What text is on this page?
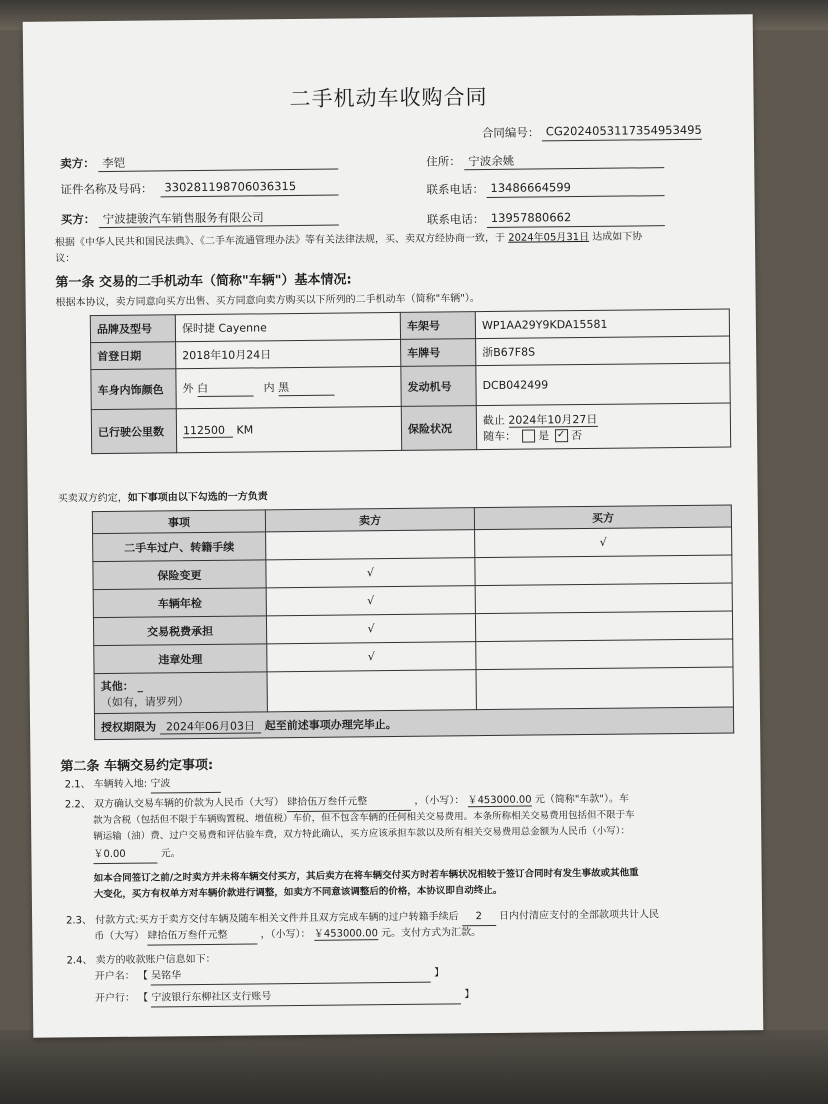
二手机动车收购合同
合同编号： CG2024053117354953495
卖方： 李铠	住所： 宁波余姚
证件名称及号码： 330281198706036315	联系电话： 13486664599
买方： 宁波捷骏汽车销售服务有限公司	联系电话： 13957880662
根据《中华人民共和国民法典》、《二手车流通管理办法》等有关法律法规，买、卖双方经协商一致，于 2024年05月31日 达成如下协
议：
第一条 交易的二手机动车（简称"车辆"）基本情况:
根据本协议，卖方同意向买方出售、买方同意向卖方购买以下所列的二手机动车（简称"车辆"）。
品牌及型号	保时捷 Cayenne	车架号	WP1AA29Y9KDA15581
首登日期	2018年10月24日	车牌号	浙B67F8S
车身内饰颜色	外 白 内 黑	发动机号	DCB042499
已行驶公里数	112500 KM	保险状况	截止 2024年10月27日
随车： 是 ✓ 否
买卖双方约定，如下事项由以下勾选的一方负责
事项	卖方	买方
二手车过户、转籍手续		√
保险变更	√	
车辆年检	√	
交易税费承担	√	
违章处理	√	

其他： _
（如有，请罗列）		

授权期限为 2024年06月03日 起至前述事项办理完毕止。		
第二条 车辆交易约定事项:
2.1、 车辆转入地: 宁波
2.2、 双方确认交易车辆的价款为人民币（大写） 肆拾伍万叁仟元整	，（小写）： ￥453000.00 元（简称"车款"）。车
款为含税（包括但不限于车辆购置税、增值税）车价，但不包含车辆的任何相关交易费用。本条所称相关交易费用包括但不限于车
辆运输（油）费、过户交易费和评估验车费，双方特此确认，买方应该承担车款以及所有相关交易费用总金额为人民币（小写）：
￥0.00	元。
如本合同签订之前/之时卖方并未将车辆交付买方，其后卖方在将车辆交付买方时若车辆状况相较于签订合同时有发生事故或其他重
大变化，买方有权单方对车辆价款进行调整，如卖方不同意该调整后的价格，本协议即自动终止。
2.3、 付款方式:买方于卖方交付车辆及随车相关文件并且双方完成车辆的过户转籍手续后 2 日内付清应支付的全部款项共计人民
币（大写） 肆拾伍万叁仟元整	，（小写）： ￥453000.00 元。支付方式为汇款。
2.4、 卖方的收款账户信息如下：
开户名： 【 吴铭华	】
开户行： 【 宁波银行东柳社区支行账号	】
